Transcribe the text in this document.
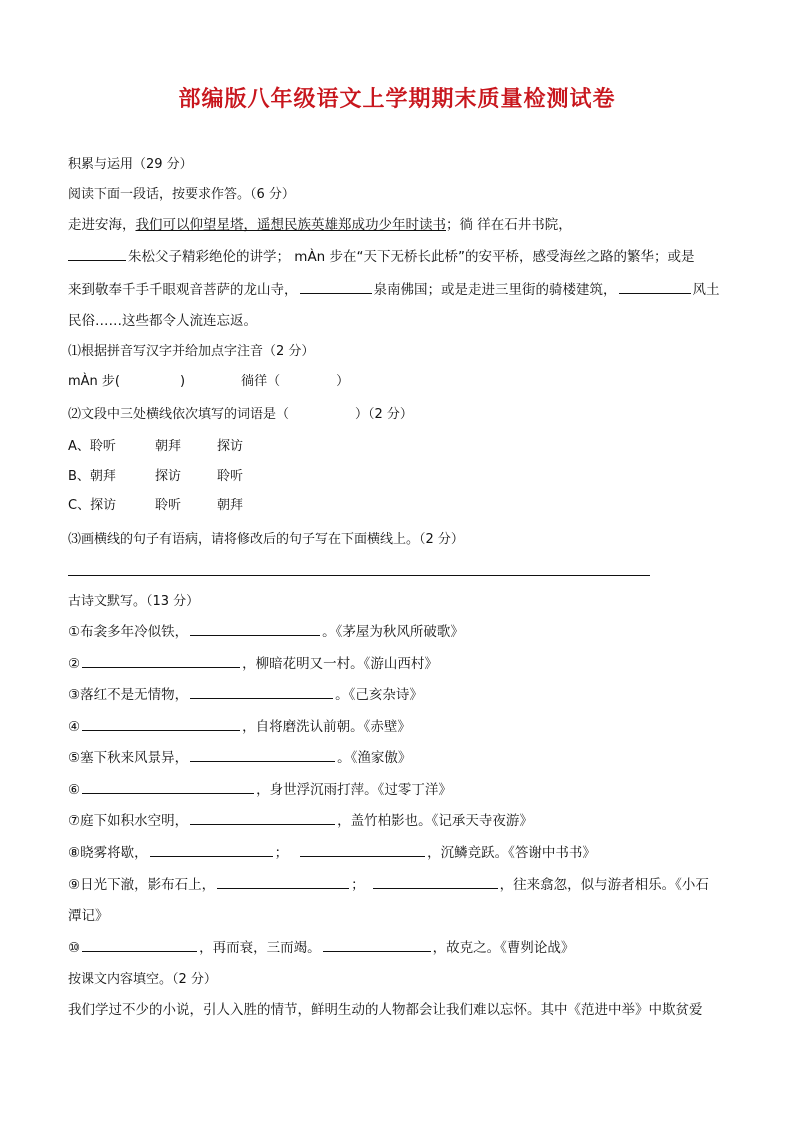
部编版八年级语文上学期期末质量检测试卷
积累与运用（29 分）
阅读下面一段话，按要求作答。（6 分）
走进安海，我们可以仰望星塔，遥想民族英雄郑成功少年时读书；徜 徉在石井书院，
朱松父子精彩绝伦的讲学； mÀn 步在“天下无桥长此桥”的安平桥，感受海丝之路的繁华；或是
来到敬奉千手千眼观音菩萨的龙山寺，	泉南佛国；或是走进三里街的骑楼建筑，	风土
民俗……这些都令人流连忘返。
⑴根据拼音写汉字并给加点字注音（2 分）
mÀn 步(	)	徜徉（	）
⑵文段中三处横线依次填写的词语是（	）（2 分）
A、聆听	朝拜	探访
B、朝拜	探访	聆听
C、探访	聆听	朝拜
⑶画横线的句子有语病，请将修改后的句子写在下面横线上。（2 分）
古诗文默写。（13 分）
①布衾多年冷似铁，	。《茅屋为秋风所破歌》
②	，柳暗花明又一村。《游山西村》
③落红不是无情物，	。《己亥杂诗》
④	，自将磨洗认前朝。《赤壁》
⑤塞下秋来风景异，	。《渔家傲》
⑥	，身世浮沉雨打萍。《过零丁洋》
⑦庭下如积水空明，	，盖竹柏影也。《记承天寺夜游》
⑧晓雾将歇，	；	，沉鳞竞跃。《答谢中书书》
⑨日光下澈，影布石上，	；	，往来翕忽，似与游者相乐。《小石
潭记》
⑩	，再而衰，三而竭。	，故克之。《曹刿论战》
按课文内容填空。（2 分）
我们学过不少的小说，引人入胜的情节，鲜明生动的人物都会让我们难以忘怀。其中《范进中举》中欺贫爱
